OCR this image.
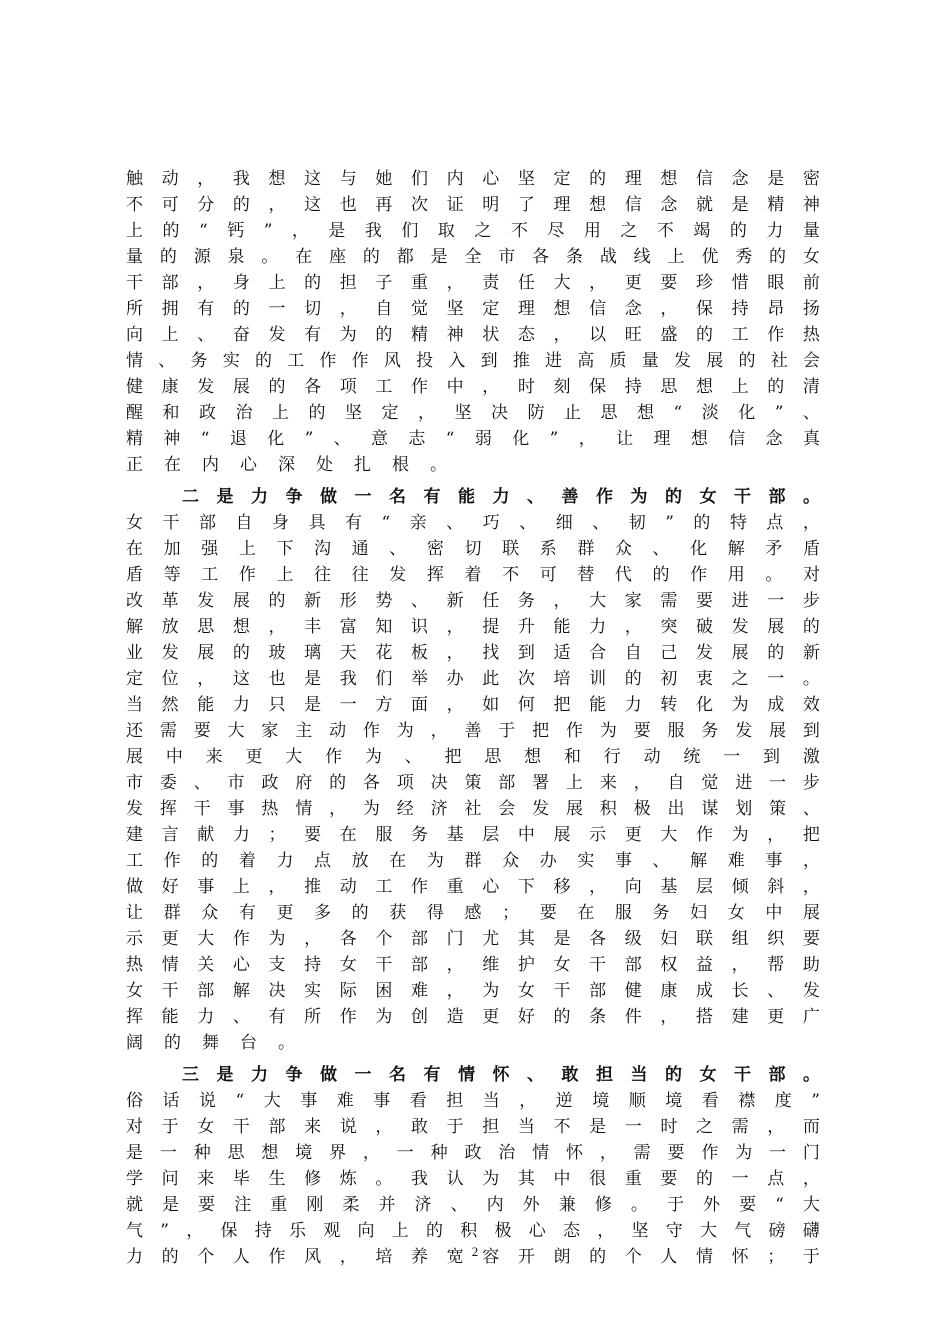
触 动 ， 我 想 这 与 她 们 内 心 坚 定 的 理 想 信 念 是 密
不 可 分 的 ， 这 也 再 次 证 明 了 理 想 信 念 就 是 精 神
上 的 “ 钙 ” ， 是 我 们 取 之 不 尽 用 之 不 竭 的 力 量
量 的 源 泉 。 在 座 的 都 是 全 市 各 条 战 线 上 优 秀 的 女
干 部 ， 身 上 的 担 子 重 ， 责 任 大 ， 更 要 珍 惜 眼 前
所 拥 有 的 一 切 ， 自 觉 坚 定 理 想 信 念 ， 保 持 昂 扬
向 上 、 奋 发 有 为 的 精 神 状 态 ， 以 旺 盛 的 工 作 热
情 、 务 实 的 工 作 作 风 投 入 到 推 进 高 质 量 发 展 的 社 会
健 康 发 展 的 各 项 工 作 中 ， 时 刻 保 持 思 想 上 的 清
醒 和 政 治 上 的 坚 定 ， 坚 决 防 止 思 想 “ 淡 化 ” 、
精 神 “ 退 化 ” 、 意 志 “ 弱 化 ” ， 让 理 想 信 念 真
正 在 内 心 深 处 扎 根 。
二 是 力 争 做 一 名 有 能 力 、 善 作 为 的 女 干 部 。
女 干 部 自 身 具 有 “ 亲 、 巧 、 细 、 韧 ” 的 特 点 ，
在 加 强 上 下 沟 通 、 密 切 联 系 群 众 、 化 解 矛 盾
盾 等 工 作 上 往 往 发 挥 着 不 可 替 代 的 作 用 。 对
改 革 发 展 的 新 形 势 、 新 任 务 ， 大 家 需 要 进 一 步
解 放 思 想 ， 丰 富 知 识 ， 提 升 能 力 ， 突 破 发 展 的
业 发 展 的 玻 璃 天 花 板 ， 找 到 适 合 自 己 发 展 的 新
定 位 ， 这 也 是 我 们 举 办 此 次 培 训 的 初 衷 之 一 。
当 然 能 力 只 是 一 方 面 ， 如 何 把 能 力 转 化 为 成 效
还 需 要 大 家 主 动 作 为 ， 善 于 把 作 为 要 服 务 发 展 到
展 中 来 更 大 作 为 、 把 思 想 和 行 动 统 一 到 激
市 委 、 市 政 府 的 各 项 决 策 部 署 上 来 ， 自 觉 进 一 步
发 挥 干 事 热 情 ， 为 经 济 社 会 发 展 积 极 出 谋 划 策 、
建 言 献 力 ； 要 在 服 务 基 层 中 展 示 更 大 作 为 ， 把
工 作 的 着 力 点 放 在 为 群 众 办 实 事 、 解 难 事 ，
做 好 事 上 ， 推 动 工 作 重 心 下 移 ， 向 基 层 倾 斜 ，
让 群 众 有 更 多 的 获 得 感 ； 要 在 服 务 妇 女 中 展
示 更 大 作 为 ， 各 个 部 门 尤 其 是 各 级 妇 联 组 织 要
热 情 关 心 支 持 女 干 部 ， 维 护 女 干 部 权 益 ， 帮 助
女 干 部 解 决 实 际 困 难 ， 为 女 干 部 健 康 成 长 、 发
挥 能 力 、 有 所 作 为 创 造 更 好 的 条 件 ， 搭 建 更 广
阔 的 舞 台 。
三 是 力 争 做 一 名 有 情 怀 、 敢 担 当 的 女 干 部 。
俗 话 说 “ 大 事 难 事 看 担 当 ， 逆 境 顺 境 看 襟 度 ”
对 于 女 干 部 来 说 ， 敢 于 担 当 不 是 一 时 之 需 ， 而
是 一 种 思 想 境 界 ， 一 种 政 治 情 怀 ， 需 要 作 为 一 门
学 问 来 毕 生 修 炼 。 我 认 为 其 中 很 重 要 的 一 点 ，
就 是 要 注 重 刚 柔 并 济 、 内 外 兼 修 。 于 外 要 “ 大
气 ” ， 保 持 乐 观 向 上 的 积 极 心 态 ， 坚 守 大 气 磅 礴
力 的 个 人 作 风 ， 培 养 宽 容 开 朗 的 个 人 情 怀 ； 于
2
